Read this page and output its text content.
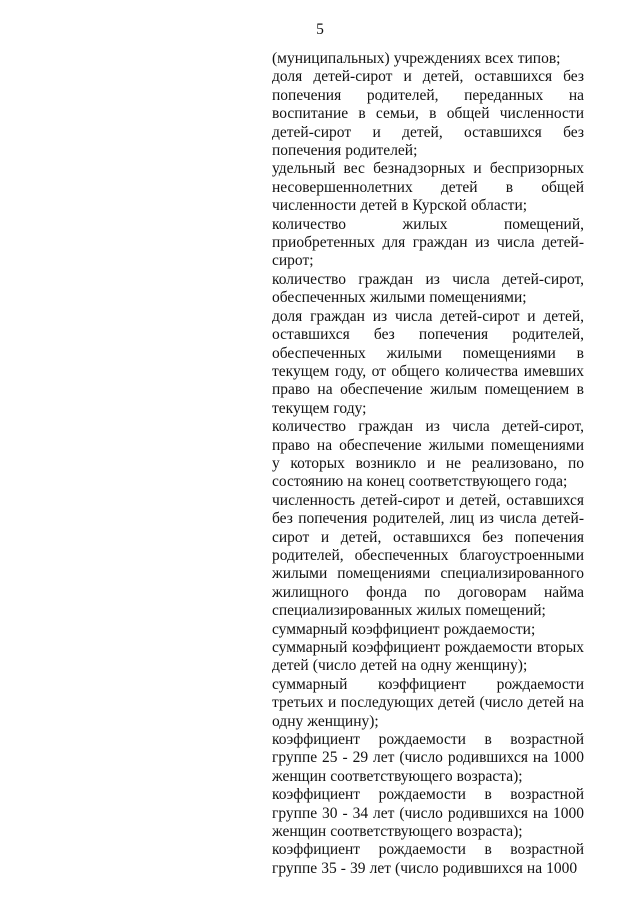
5

(муниципальных) учреждениях всех типов;

доля детей-сирот и детей, оставшихся без попечения родителей, переданных на воспитание в семьи, в общей численности детей-сирот и детей, оставшихся без попечения родителей;

удельный вес безнадзорных и беспризорных несовершеннолетних детей в общей численности детей в Курской области;

количество жилых помещений, приобретенных для граждан из числа детей-сирот;

количество граждан из числа детей-сирот, обеспеченных жилыми помещениями;

доля граждан из числа детей-сирот и детей, оставшихся без попечения родителей, обеспеченных жилыми помещениями в текущем году, от общего количества имевших право на обеспечение жилым помещением в текущем году;

количество граждан из числа детей-сирот, право на обеспечение жилыми помещениями у которых возникло и не реализовано, по состоянию на конец соответствующего года;

численность детей-сирот и детей, оставшихся без попечения родителей, лиц из числа детей-сирот и детей, оставшихся без попечения родителей, обеспеченных благоустроенными жилыми помещениями специализированного жилищного фонда по договорам найма специализированных жилых помещений;

суммарный коэффициент рождаемости;

суммарный коэффициент рождаемости вторых детей (число детей на одну женщину);

суммарный коэффициент рождаемости третьих и последующих детей (число детей на одну женщину);

коэффициент рождаемости в возрастной группе 25 - 29 лет (число родившихся на 1000 женщин соответствующего возраста);

коэффициент рождаемости в возрастной группе 30 - 34 лет (число родившихся на 1000 женщин соответствующего возраста);

коэффициент рождаемости в возрастной группе 35 - 39 лет (число родившихся на 1000
